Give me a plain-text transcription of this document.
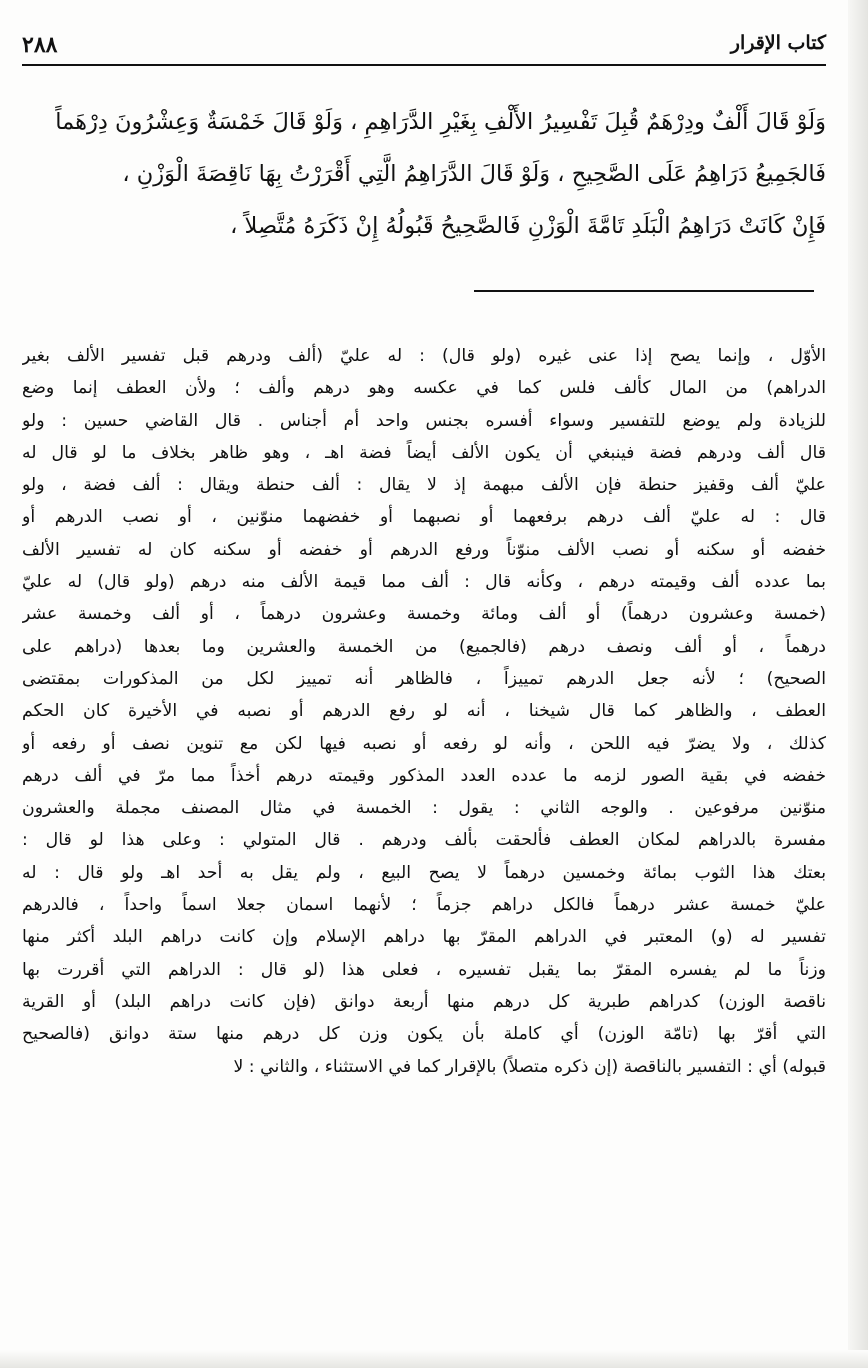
كتاب الإقرار
٢٨٨

وَلَوْ قَالَ أَلْفٌ ودِرْهَمٌ قُبِلَ تَفْسِيرُ الأَلْفِ بِغَيْرِ الدَّرَاهِمِ ، وَلَوْ قَالَ خَمْسَةٌ وَعِشْرُونَ دِرْهَماً
فَالجَمِيعُ دَرَاهِمُ عَلَى الصَّحِيحِ ، وَلَوْ قَالَ الدَّرَاهِمُ الَّتِي أَقْرَرْتُ بِهَا نَاقِصَةَ الْوَزْنِ ،
فَإِنْ كَانَتْ دَرَاهِمُ الْبَلَدِ تَامَّةَ الْوَزْنِ فَالصَّحِيحُ قَبُولُهُ إِنْ ذَكَرَهُ مُتَّصِلاً ،

الأوّل ، وإنما يصح إذا عنى غيره (ولو قال) : له عليّ (ألف ودرهم قبل تفسير الألف بغير
الدراهم) من المال كألف فلس كما في عكسه وهو درهم وألف ؛ ولأن العطف إنما وضع
للزيادة ولم يوضع للتفسير وسواء أفسره بجنس واحد أم أجناس . قال القاضي حسين : ولو
قال ألف ودرهم فضة فينبغي أن يكون الألف أيضاً فضة اهـ ، وهو ظاهر بخلاف ما لو قال له
عليّ ألف وقفيز حنطة فإن الألف مبهمة إذ لا يقال : ألف حنطة ويقال : ألف فضة ، ولو
قال : له عليّ ألف درهم برفعهما أو نصبهما أو خفضهما منوّنين ، أو نصب الدرهم أو
خفضه أو سكنه أو نصب الألف منوّناً ورفع الدرهم أو خفضه أو سكنه كان له تفسير الألف
بما عدده ألف وقيمته درهم ، وكأنه قال : ألف مما قيمة الألف منه درهم (ولو قال) له عليّ
(خمسة وعشرون درهماً) أو ألف ومائة وخمسة وعشرون درهماً ، أو ألف وخمسة عشر
درهماً ، أو ألف ونصف درهم (فالجميع) من الخمسة والعشرين وما بعدها (دراهم على
الصحيح) ؛ لأنه جعل الدرهم تمييزاً ، فالظاهر أنه تمييز لكل من المذكورات بمقتضى
العطف ، والظاهر كما قال شيخنا ، أنه لو رفع الدرهم أو نصبه في الأخيرة كان الحكم
كذلك ، ولا يضرّ فيه اللحن ، وأنه لو رفعه أو نصبه فيها لكن مع تنوين نصف أو رفعه أو
خفضه في بقية الصور لزمه ما عدده العدد المذكور وقيمته درهم أخذاً مما مرّ في ألف درهم
منوّنين مرفوعين . والوجه الثاني : يقول : الخمسة في مثال المصنف مجملة والعشرون
مفسرة بالدراهم لمكان العطف فألحقت بألف ودرهم . قال المتولي : وعلى هذا لو قال :
بعتك هذا الثوب بمائة وخمسين درهماً لا يصح البيع ، ولم يقل به أحد اهـ ولو قال : له
عليّ خمسة عشر درهماً فالكل دراهم جزماً ؛ لأنهما اسمان جعلا اسماً واحداً ، فالدرهم
تفسير له (و) المعتبر في الدراهم المقرّ بها دراهم الإسلام وإن كانت دراهم البلد أكثر منها
وزناً ما لم يفسره المقرّ بما يقبل تفسيره ، فعلى هذا (لو قال : الدراهم التي أقررت بها
ناقصة الوزن) كدراهم طبرية كل درهم منها أربعة دوانق (فإن كانت دراهم البلد) أو القرية
التي أقرّ بها (تامّة الوزن) أي كاملة بأن يكون وزن كل درهم منها ستة دوانق (فالصحيح
قبوله) أي : التفسير بالناقصة (إن ذكره متصلاً) بالإقرار كما في الاستثناء ، والثاني : لا
